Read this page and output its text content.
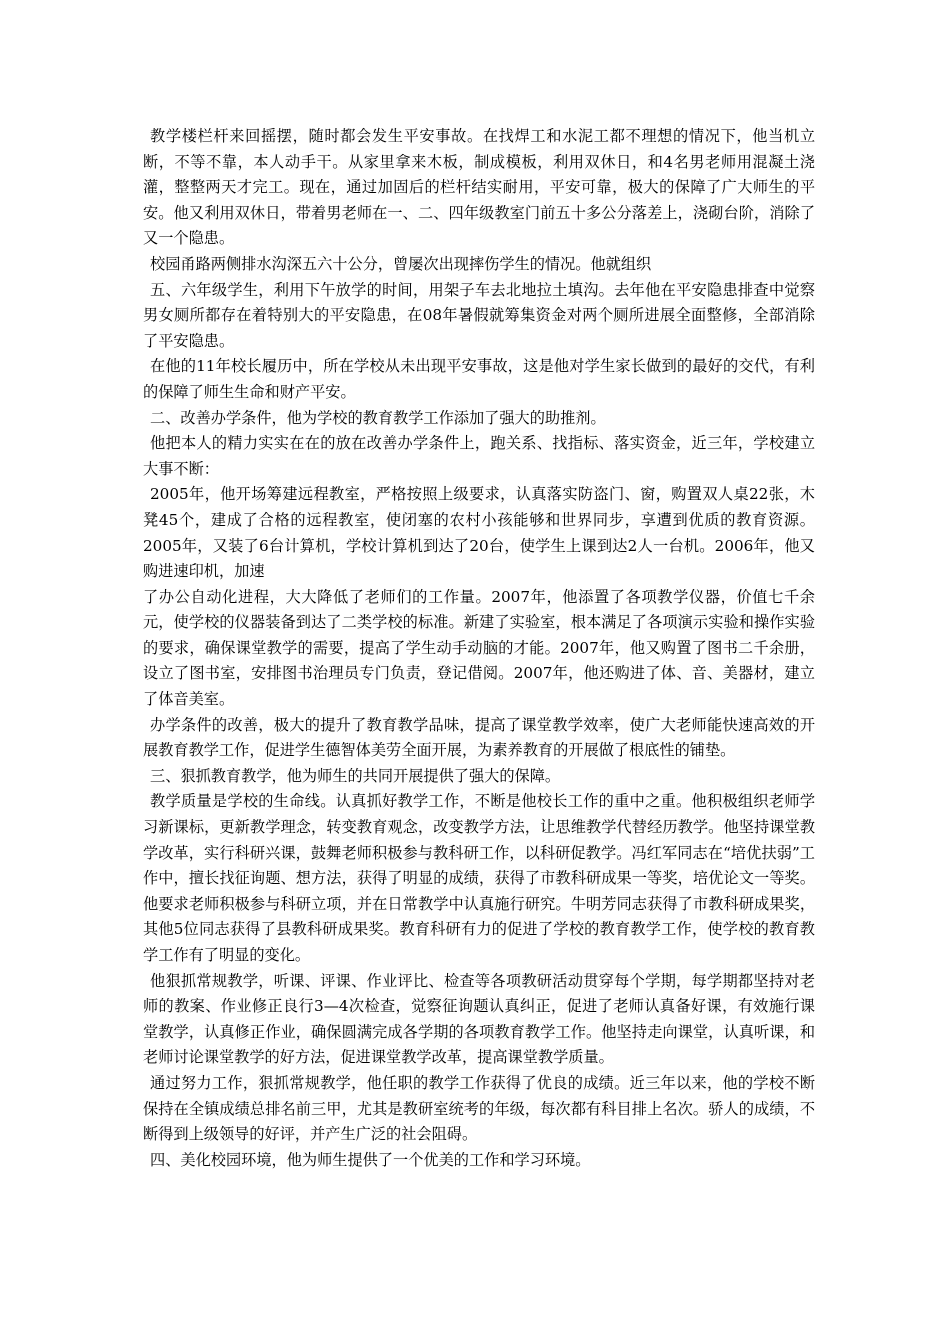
教学楼栏杆来回摇摆，随时都会发生平安事故。在找焊工和水泥工都不理想的情况下，他当机立断，不等不靠，本人动手干。从家里拿来木板，制成模板，利用双休日，和4名男老师用混凝土浇灌，整整两天才完工。现在，通过加固后的栏杆结实耐用，平安可靠，极大的保障了广大师生的平安。他又利用双休日，带着男老师在一、二、四年级教室门前五十多公分落差上，浇砌台阶，消除了又一个隐患。

校园甬路两侧排水沟深五六十公分，曾屡次出现摔伤学生的情况。他就组织

五、六年级学生，利用下午放学的时间，用架子车去北地拉土填沟。去年他在平安隐患排查中觉察男女厕所都存在着特别大的平安隐患，在08年暑假就筹集资金对两个厕所进展全面整修，全部消除了平安隐患。

在他的11年校长履历中，所在学校从未出现平安事故，这是他对学生家长做到的最好的交代，有利的保障了师生生命和财产平安。

二、改善办学条件，他为学校的教育教学工作添加了强大的助推剂。

他把本人的精力实实在在的放在改善办学条件上，跑关系、找指标、落实资金，近三年，学校建立大事不断：

2005年，他开场筹建远程教室，严格按照上级要求，认真落实防盗门、窗，购置双人桌22张，木凳45个，建成了合格的远程教室，使闭塞的农村小孩能够和世界同步，享遭到优质的教育资源。2005年，又装了6台计算机，学校计算机到达了20台，使学生上课到达2人一台机。2006年，他又购进速印机，加速

了办公自动化进程，大大降低了老师们的工作量。2007年，他添置了各项教学仪器，价值七千余元，使学校的仪器装备到达了二类学校的标准。新建了实验室，根本满足了各项演示实验和操作实验的要求，确保课堂教学的需要，提高了学生动手动脑的才能。2007年，他又购置了图书二千余册，设立了图书室，安排图书治理员专门负责，登记借阅。2007年，他还购进了体、音、美器材，建立了体音美室。

办学条件的改善，极大的提升了教育教学品味，提高了课堂教学效率，使广大老师能快速高效的开展教育教学工作，促进学生德智体美劳全面开展，为素养教育的开展做了根底性的铺垫。

三、狠抓教育教学，他为师生的共同开展提供了强大的保障。

教学质量是学校的生命线。认真抓好教学工作，不断是他校长工作的重中之重。他积极组织老师学习新课标，更新教学理念，转变教育观念，改变教学方法，让思维教学代替经历教学。他坚持课堂教学改革，实行科研兴课，鼓舞老师积极参与教科研工作，以科研促教学。冯红军同志在“培优扶弱”工作中，擅长找征询题、想方法，获得了明显的成绩，获得了市教科研成果一等奖，培优论文一等奖。他要求老师积极参与科研立项，并在日常教学中认真施行研究。牛明芳同志获得了市教科研成果奖，其他5位同志获得了县教科研成果奖。教育科研有力的促进了学校的教育教学工作，使学校的教育教学工作有了明显的变化。

他狠抓常规教学，听课、评课、作业评比、检查等各项教研活动贯穿每个学期，每学期都坚持对老师的教案、作业修正良行3—4次检查，觉察征询题认真纠正，促进了老师认真备好课，有效施行课堂教学，认真修正作业，确保圆满完成各学期的各项教育教学工作。他坚持走向课堂，认真听课，和老师讨论课堂教学的好方法，促进课堂教学改革，提高课堂教学质量。

通过努力工作，狠抓常规教学，他任职的教学工作获得了优良的成绩。近三年以来，他的学校不断保持在全镇成绩总排名前三甲，尤其是教研室统考的年级，每次都有科目排上名次。骄人的成绩，不断得到上级领导的好评，并产生广泛的社会阻碍。

四、美化校园环境，他为师生提供了一个优美的工作和学习环境。
